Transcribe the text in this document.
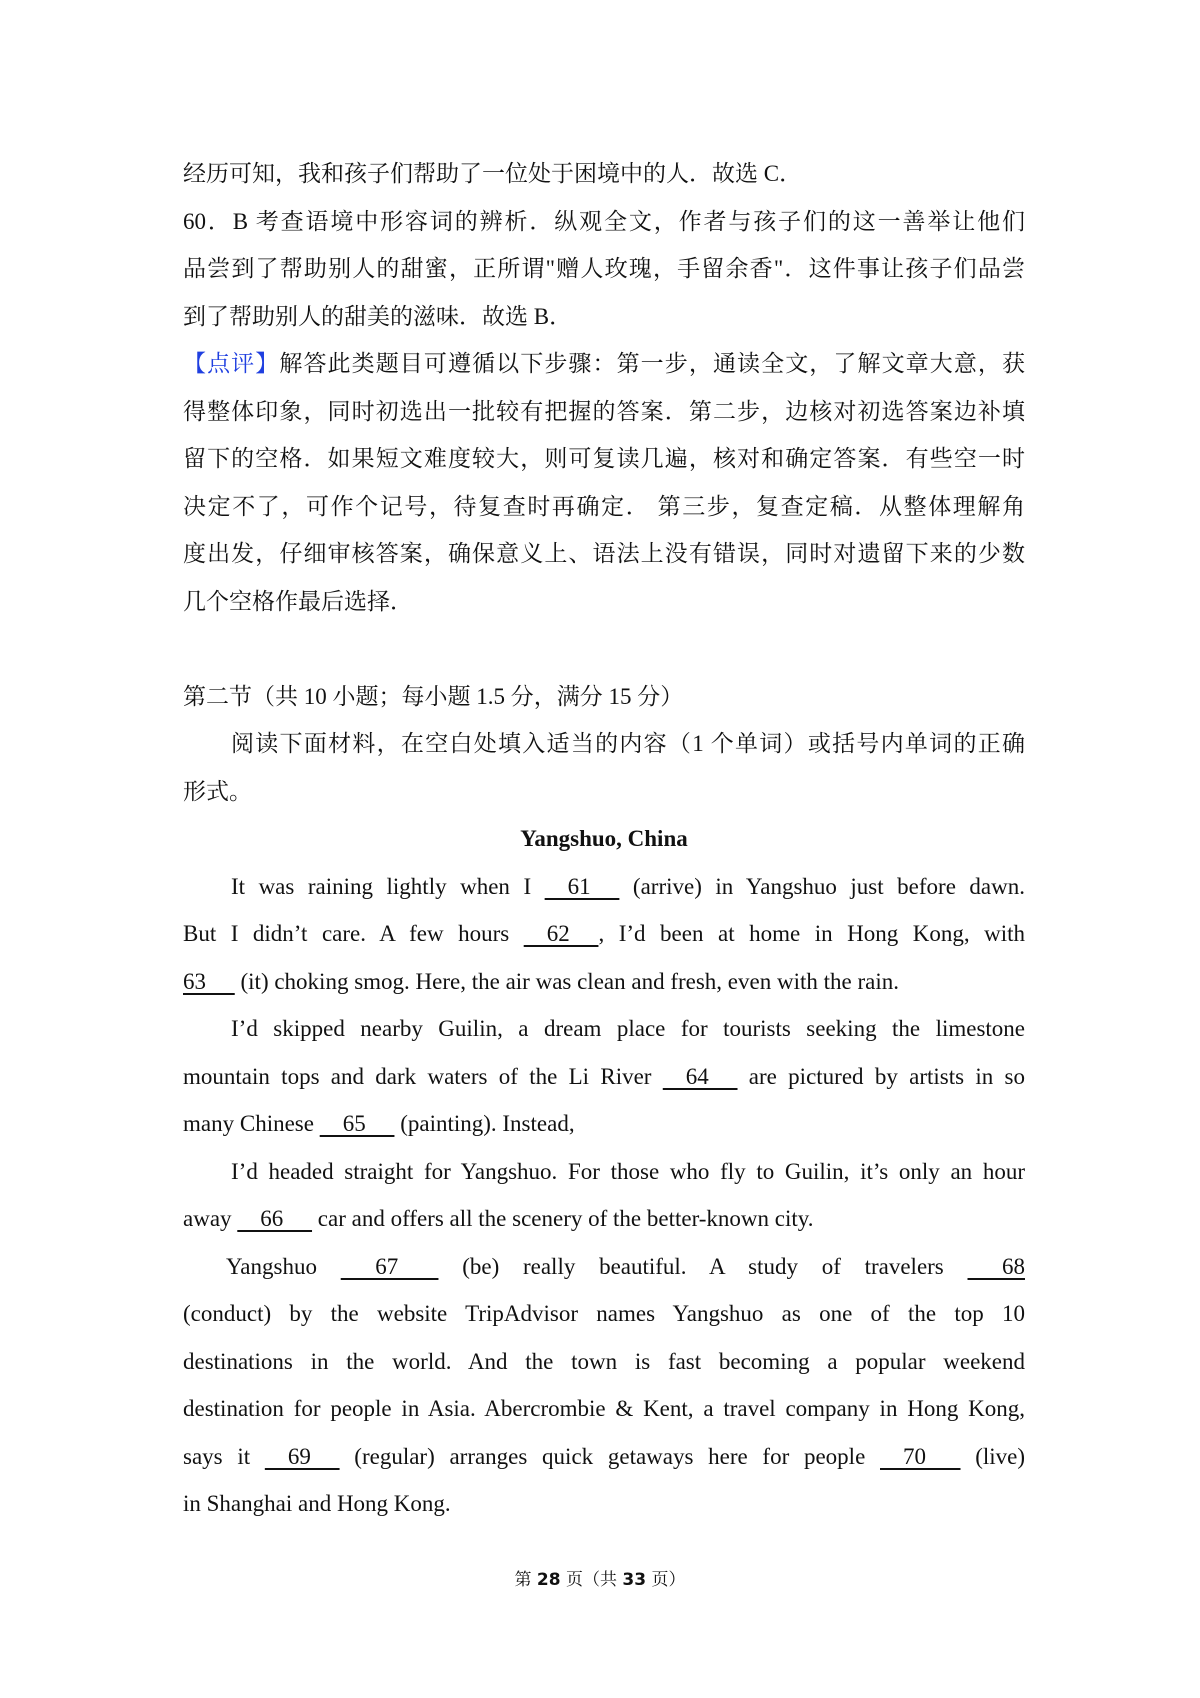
经历可知，我和孩子们帮助了一位处于困境中的人．故选 C．
60．B 考查语境中形容词的辨析．纵观全文，作者与孩子们的这一善举让他们
品尝到了帮助别人的甜蜜，正所谓"赠人玫瑰，手留余香"．这件事让孩子们品尝
到了帮助别人的甜美的滋味．故选 B．
【点评】解答此类题目可遵循以下步骤：第一步，通读全文，了解文章大意，获
得整体印象，同时初选出一批较有把握的答案．第二步，边核对初选答案边补填
留下的空格．如果短文难度较大，则可复读几遍，核对和确定答案．有些空一时
决定不了，可作个记号，待复查时再确定． 第三步，复查定稿．从整体理解角
度出发，仔细审核答案，确保意义上、语法上没有错误，同时对遗留下来的少数
几个空格作最后选择．
第二节（共 10 小题；每小题 1.5 分，满分 15 分）
阅读下面材料，在空白处填入适当的内容（1 个单词）或括号内单词的正确
形式。
Yangshuo, China
It was raining lightly when I     61      (arrive) in Yangshuo just before dawn.
But I didn’t care. A few hours     62     , I’d been at home in Hong Kong, with
63      (it) choking smog. Here, the air was clean and fresh, even with the rain.
I’d skipped nearby Guilin, a dream place for tourists seeking the limestone
mountain tops and dark waters of the Li River     64      are pictured by artists in so
many Chinese     65      (painting). Instead,
I’d headed straight for Yangshuo. For those who fly to Guilin, it’s only an hour
away     66      car and offers all the scenery of the better-known city.
Yangshuo       67        (be) really beautiful. A study of travelers       68
(conduct) by the website TripAdvisor names Yangshuo as one of the top 10
destinations in the world. And the town is fast becoming a popular weekend
destination for people in Asia. Abercrombie & Kent, a travel company in Hong Kong,
says it     69      (regular) arranges quick getaways here for people     70       (live)
in Shanghai and Hong Kong.
第 28 页（共 33 页）
